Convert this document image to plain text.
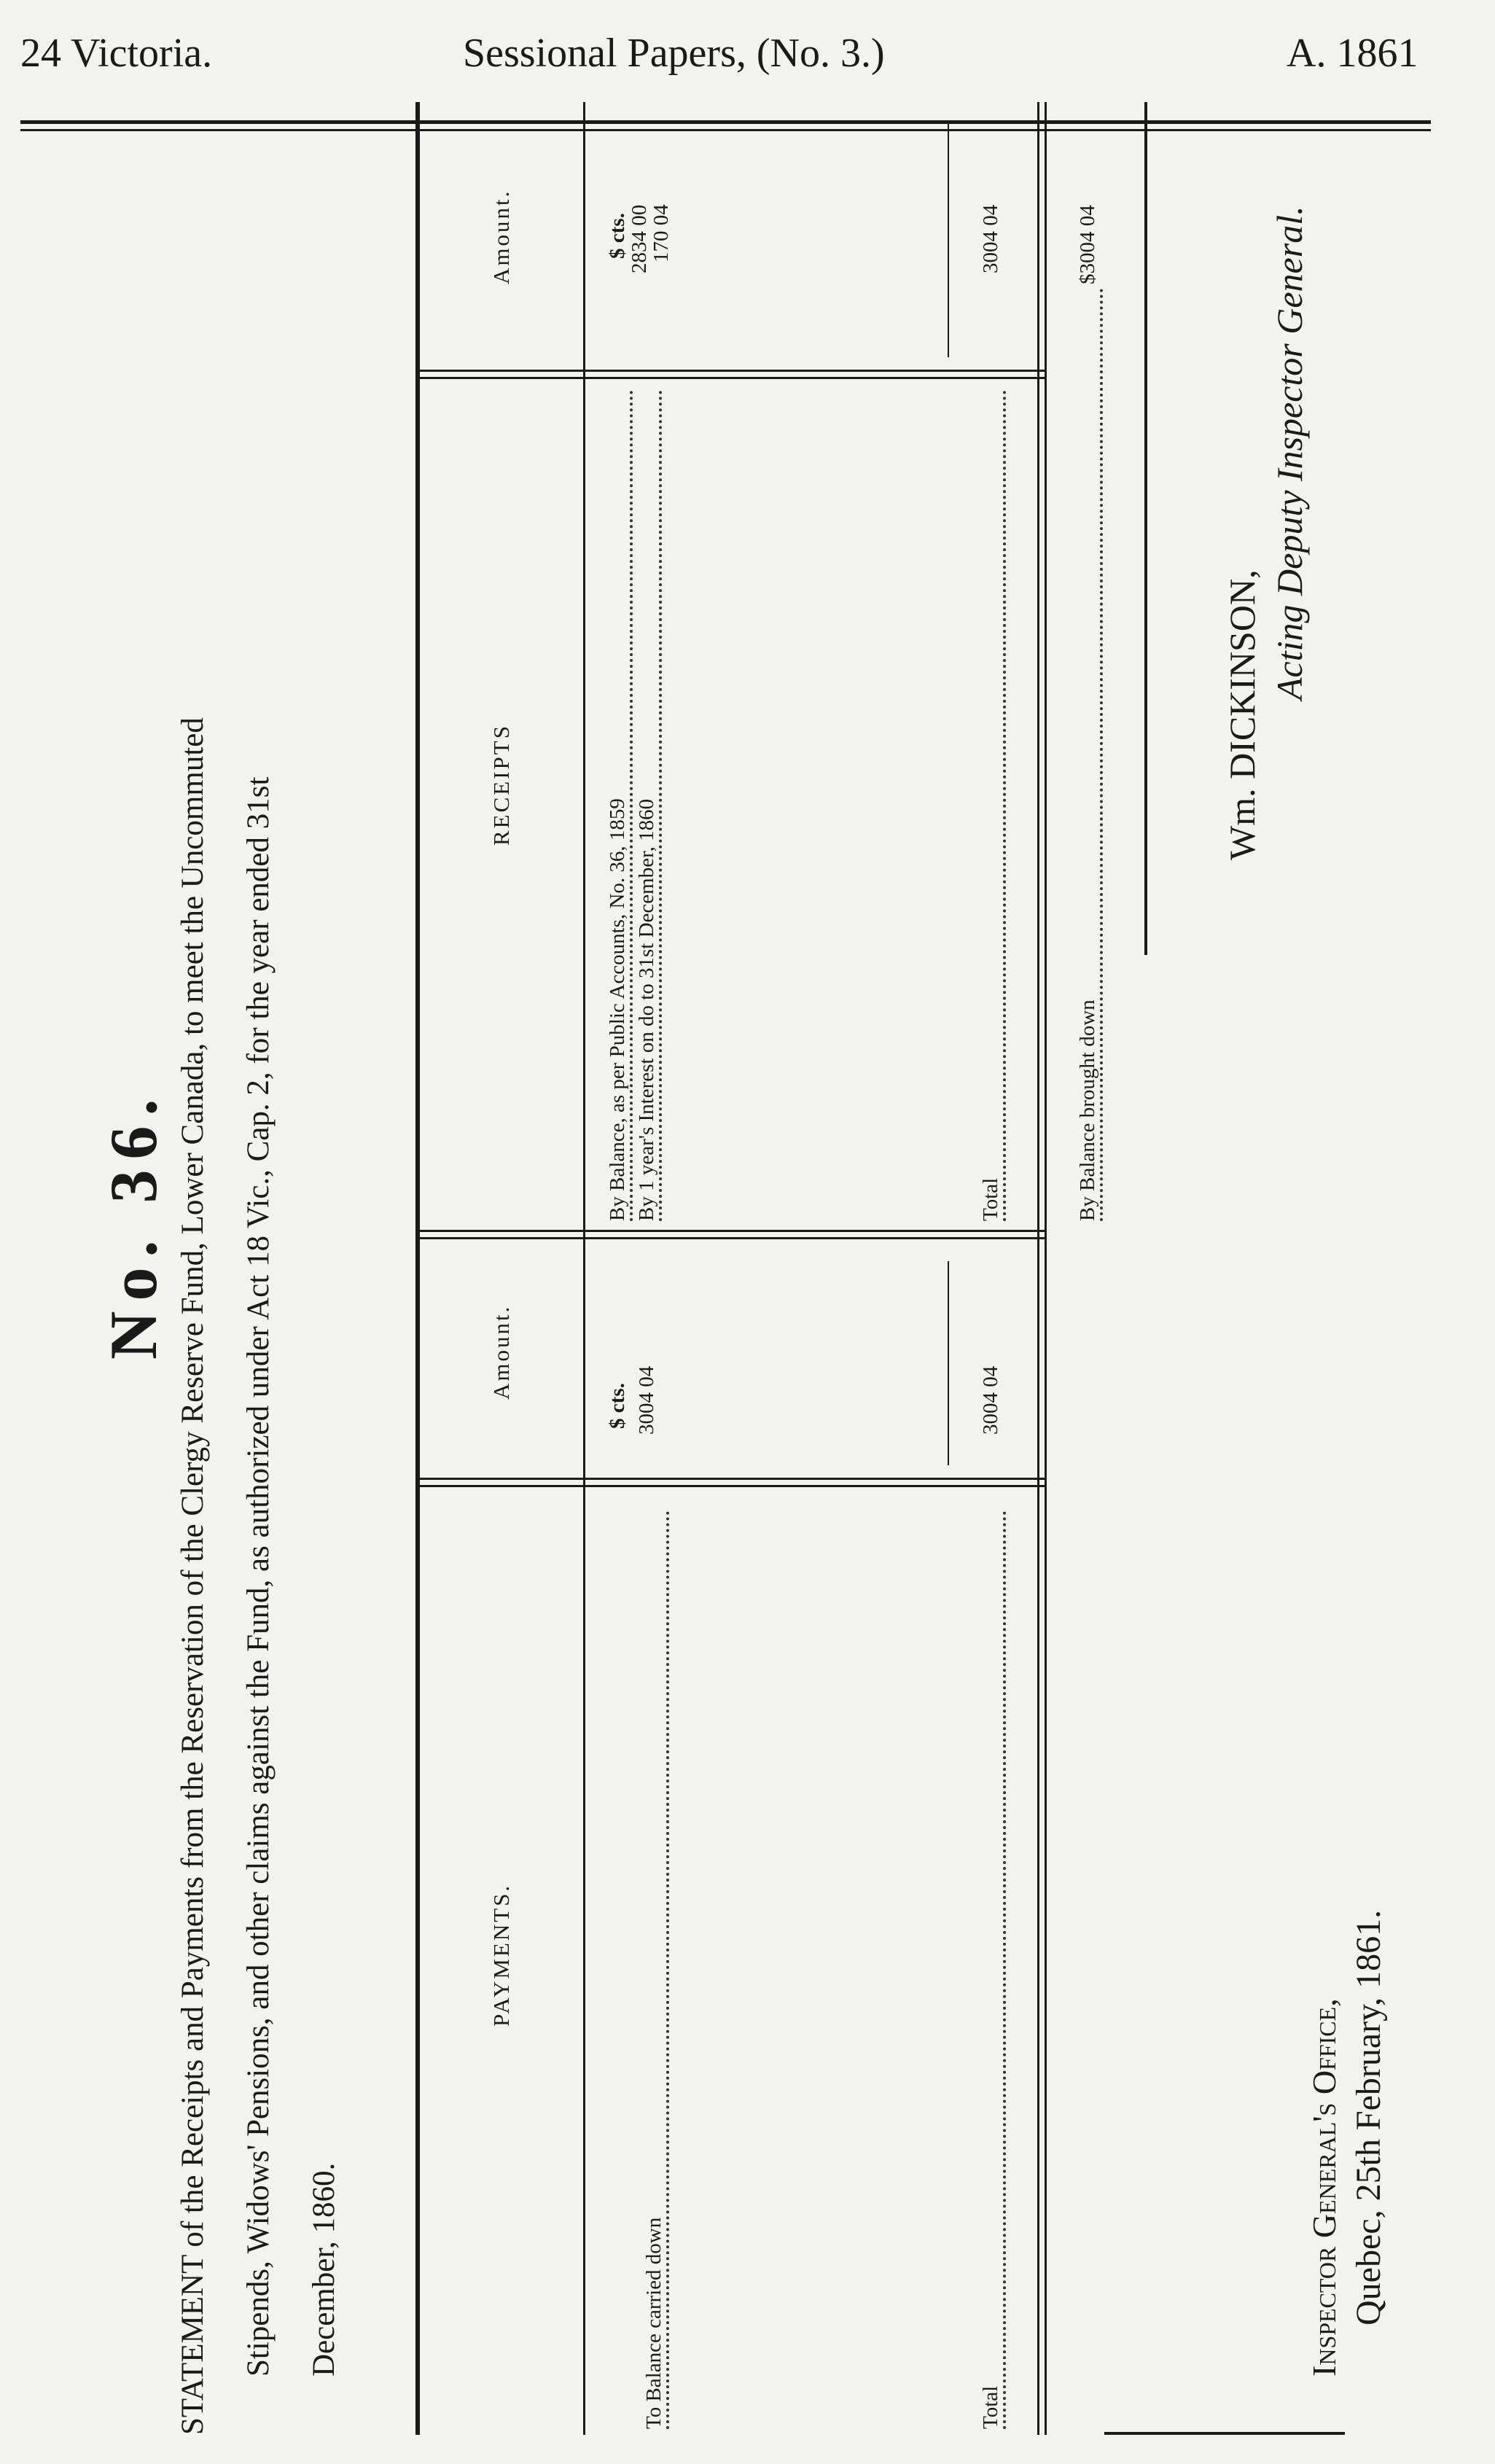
24 Victoria.	Sessional Papers, (No. 3.)	A. 1861
No. 36. STATEMENT of the Receipts and Payments from the Reservation of the Clergy Reserve Fund, Lower Canada, to meet the Uncommuted Stipends, Widows' Pensions, and other claims against the Fund, as authorized under Act 18 Vic., Cap. 2, for the year ended 31st December, 1860.
PAYMENTS.
Amount.
RECEIPTS
Amount.
To Balance carried down
$ cts. 3004 04
Total
3004 04
By Balance, as per Public Accounts, No. 36, 1859 By 1 year's Interest on do to 31st December, 1860
$ cts.
2834 00
170 04
Total
3004 04
By Balance brought down
$3004 04
Wm. DICKINSON,
Acting Deputy Inspector General.
Inspector General's Office, Quebec, 25th February, 1861.
